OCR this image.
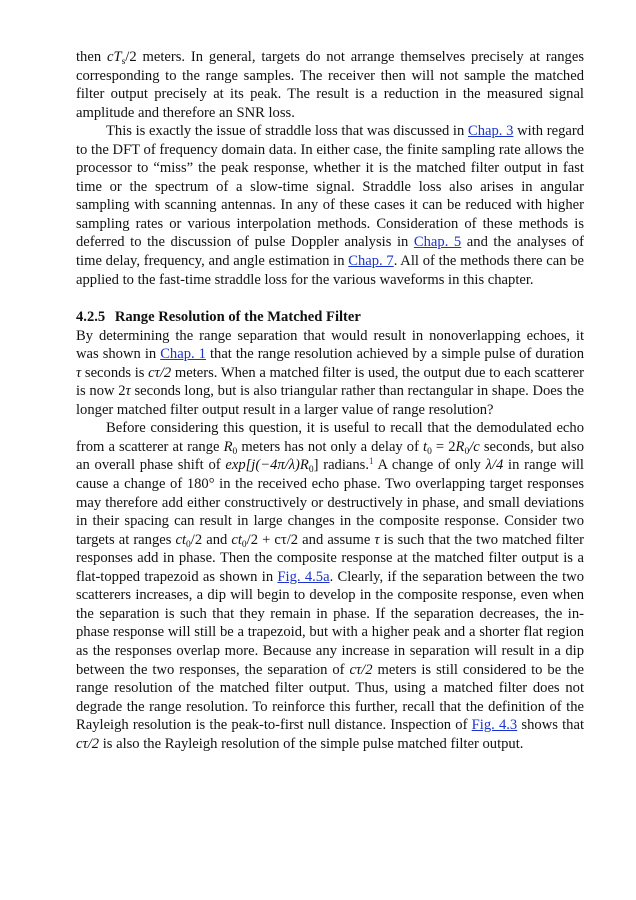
then $cT_s/2$ meters. In general, targets do not arrange themselves precisely at ranges corresponding to the range samples. The receiver then will not sample the matched filter output precisely at its peak. The result is a reduction in the measured signal amplitude and therefore an SNR loss.

This is exactly the issue of straddle loss that was discussed in Chap. 3 with regard to the DFT of frequency domain data. In either case, the finite sampling rate allows the processor to “miss” the peak response, whether it is the matched filter output in fast time or the spectrum of a slow-time signal. Straddle loss also arises in angular sampling with scanning antennas. In any of these cases it can be reduced with higher sampling rates or various interpolation methods. Consideration of these methods is deferred to the discussion of pulse Doppler analysis in Chap. 5 and the analyses of time delay, frequency, and angle estimation in Chap. 7. All of the methods there can be applied to the fast-time straddle loss for the various waveforms in this chapter.

4.2.5 Range Resolution of the Matched Filter

By determining the range separation that would result in nonoverlapping echoes, it was shown in Chap. 1 that the range resolution achieved by a simple pulse of duration τ seconds is cτ/2 meters. When a matched filter is used, the output due to each scatterer is now 2τ seconds long, but is also triangular rather than rectangular in shape. Does the longer matched filter output result in a larger value of range resolution?

Before considering this question, it is useful to recall that the demodulated echo from a scatterer at range $R_0$ meters has not only a delay of $t_0 = 2R_0/c$ seconds, but also an overall phase shift of $\exp[j(-4\pi/\lambda)R_0]$ radians.$^1$ A change of only λ/4 in range will cause a change of 180° in the received echo phase. Two overlapping target responses may therefore add either constructively or destructively in phase, and small deviations in their spacing can result in large changes in the composite response. Consider two targets at ranges $ct_0/2$ and $ct_0/2 + c\tau/2$ and assume τ is such that the two matched filter responses add in phase. Then the composite response at the matched filter output is a flat-topped trapezoid as shown in Fig. 4.5a. Clearly, if the separation between the two scatterers increases, a dip will begin to develop in the composite response, even when the separation is such that they remain in phase. If the separation decreases, the in-phase response will still be a trapezoid, but with a higher peak and a shorter flat region as the responses overlap more. Because any increase in separation will result in a dip between the two responses, the separation of cτ/2 meters is still considered to be the range resolution of the matched filter output. Thus, using a matched filter does not degrade the range resolution. To reinforce this further, recall that the definition of the Rayleigh resolution is the peak-to-first null distance. Inspection of Fig. 4.3 shows that cτ/2 is also the Rayleigh resolution of the simple pulse matched filter output.
